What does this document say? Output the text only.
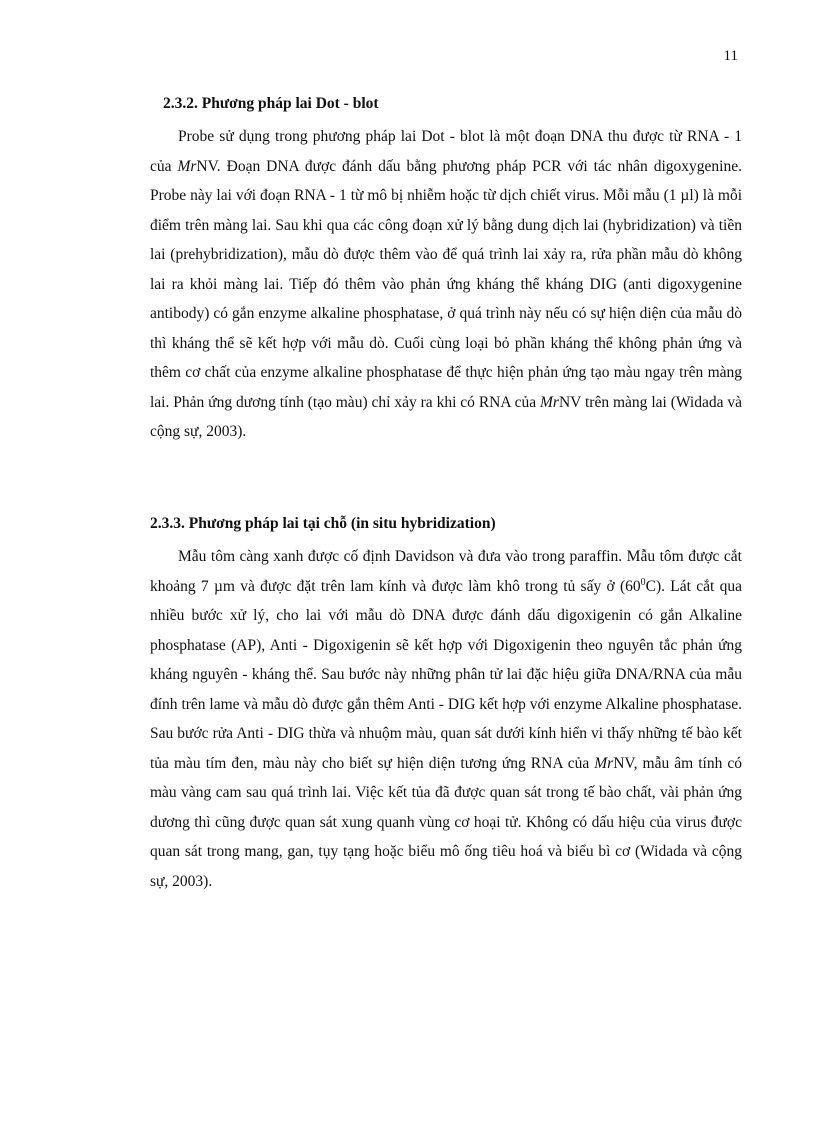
11
2.3.2. Phương pháp lai Dot - blot

Probe sử dụng trong phương pháp lai Dot - blot là một đoạn DNA thu được từ RNA - 1 của MrNV. Đoạn DNA được đánh dấu bằng phương pháp PCR với tác nhân digoxygenine. Probe này lai với đoạn RNA - 1 từ mô bị nhiễm hoặc từ dịch chiết virus. Mỗi mẫu (1 µl) là mỗi điểm trên màng lai. Sau khi qua các công đoạn xử lý bằng dung dịch lai (hybridization) và tiền lai (prehybridization), mẫu dò được thêm vào để quá trình lai xảy ra, rửa phần mẫu dò không lai ra khỏi màng lai. Tiếp đó thêm vào phản ứng kháng thể kháng DIG (anti digoxygenine antibody) có gắn enzyme alkaline phosphatase, ở quá trình này nếu có sự hiện diện của mẫu dò thì kháng thể sẽ kết hợp với mẫu dò. Cuối cùng loại bỏ phần kháng thể không phản ứng và thêm cơ chất của enzyme alkaline phosphatase để thực hiện phản ứng tạo màu ngay trên màng lai. Phản ứng dương tính (tạo màu) chỉ xảy ra khi có RNA của MrNV trên màng lai (Widada và cộng sự, 2003).

2.3.3. Phương pháp lai tại chỗ (in situ hybridization)

Mẫu tôm càng xanh được cố định Davidson và đưa vào trong paraffin. Mẫu tôm được cắt khoảng 7 µm và được đặt trên lam kính và được làm khô trong tủ sấy ở $(60^0C)$. Lát cắt qua nhiều bước xử lý, cho lai với mẫu dò DNA được đánh dấu digoxigenin có gắn Alkaline phosphatase (AP), Anti - Digoxigenin sẽ kết hợp với Digoxigenin theo nguyên tắc phản ứng kháng nguyên - kháng thể. Sau bước này những phân tử lai đặc hiệu giữa DNA/RNA của mẫu đính trên lame và mẫu dò được gắn thêm Anti - DIG kết hợp với enzyme Alkaline phosphatase. Sau bước rửa Anti - DIG thừa và nhuộm màu, quan sát dưới kính hiển vi thấy những tế bào kết tủa màu tím đen, màu này cho biết sự hiện diện tương ứng RNA của MrNV, mẫu âm tính có màu vàng cam sau quá trình lai. Việc kết tủa đã được quan sát trong tế bào chất, vài phản ứng dương thì cũng được quan sát xung quanh vùng cơ hoại tử. Không có dấu hiệu của virus được quan sát trong mang, gan, tụy tạng hoặc biểu mô ống tiêu hoá và biểu bì cơ (Widada và cộng sự, 2003).
